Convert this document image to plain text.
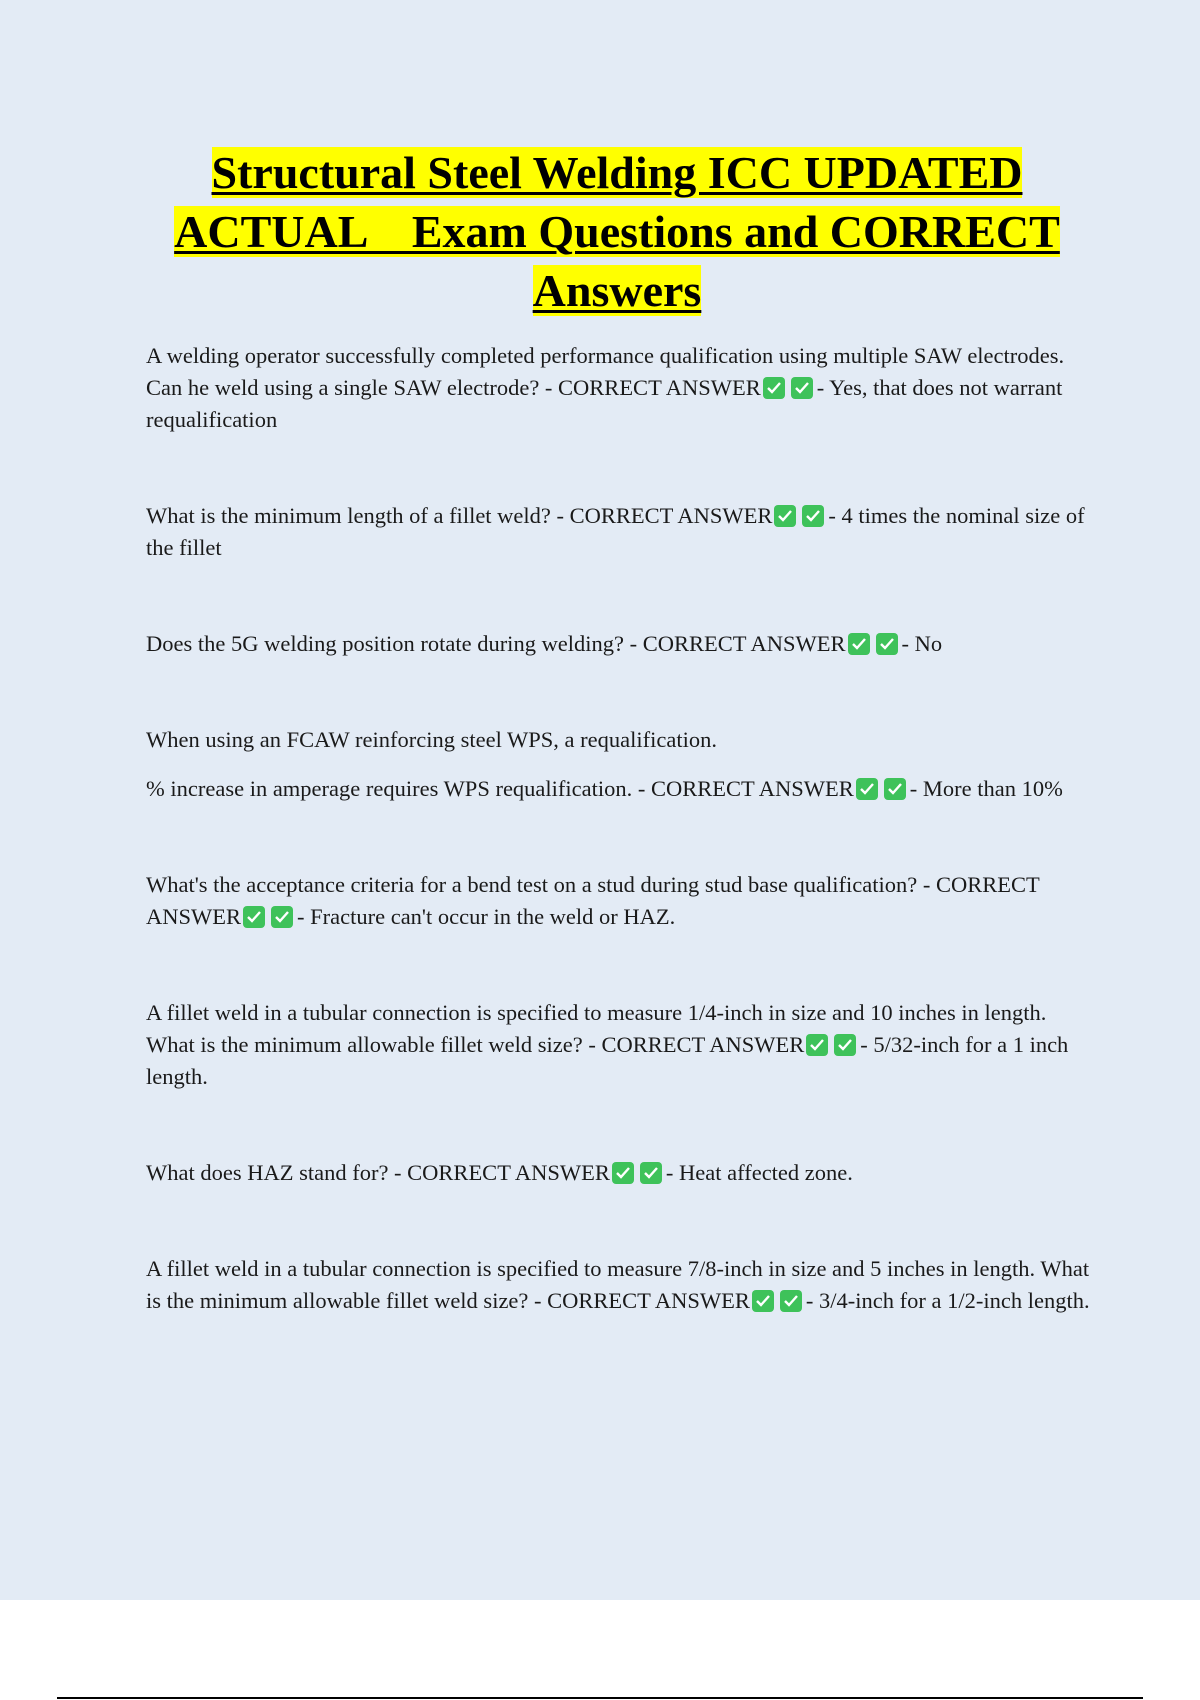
Structural Steel Welding ICC UPDATED
ACTUAL    Exam Questions and CORRECT
Answers

A welding operator successfully completed performance qualification using multiple SAW electrodes. Can he weld using a single SAW electrode? - CORRECT ANSWER - Yes, that does not warrant requalification

What is the minimum length of a fillet weld? - CORRECT ANSWER - 4 times the nominal size of the fillet

Does the 5G welding position rotate during welding? - CORRECT ANSWER - No

When using an FCAW reinforcing steel WPS, a requalification.

% increase in amperage requires WPS requalification. - CORRECT ANSWER - More than 10%

What's the acceptance criteria for a bend test on a stud during stud base qualification? - CORRECT ANSWER - Fracture can't occur in the weld or HAZ.

A fillet weld in a tubular connection is specified to measure 1/4-inch in size and 10 inches in length. What is the minimum allowable fillet weld size? - CORRECT ANSWER - 5/32-inch for a 1 inch length.

What does HAZ stand for? - CORRECT ANSWER - Heat affected zone.

A fillet weld in a tubular connection is specified to measure 7/8-inch in size and 5 inches in length. What is the minimum allowable fillet weld size? - CORRECT ANSWER - 3/4-inch for a 1/2-inch length.
